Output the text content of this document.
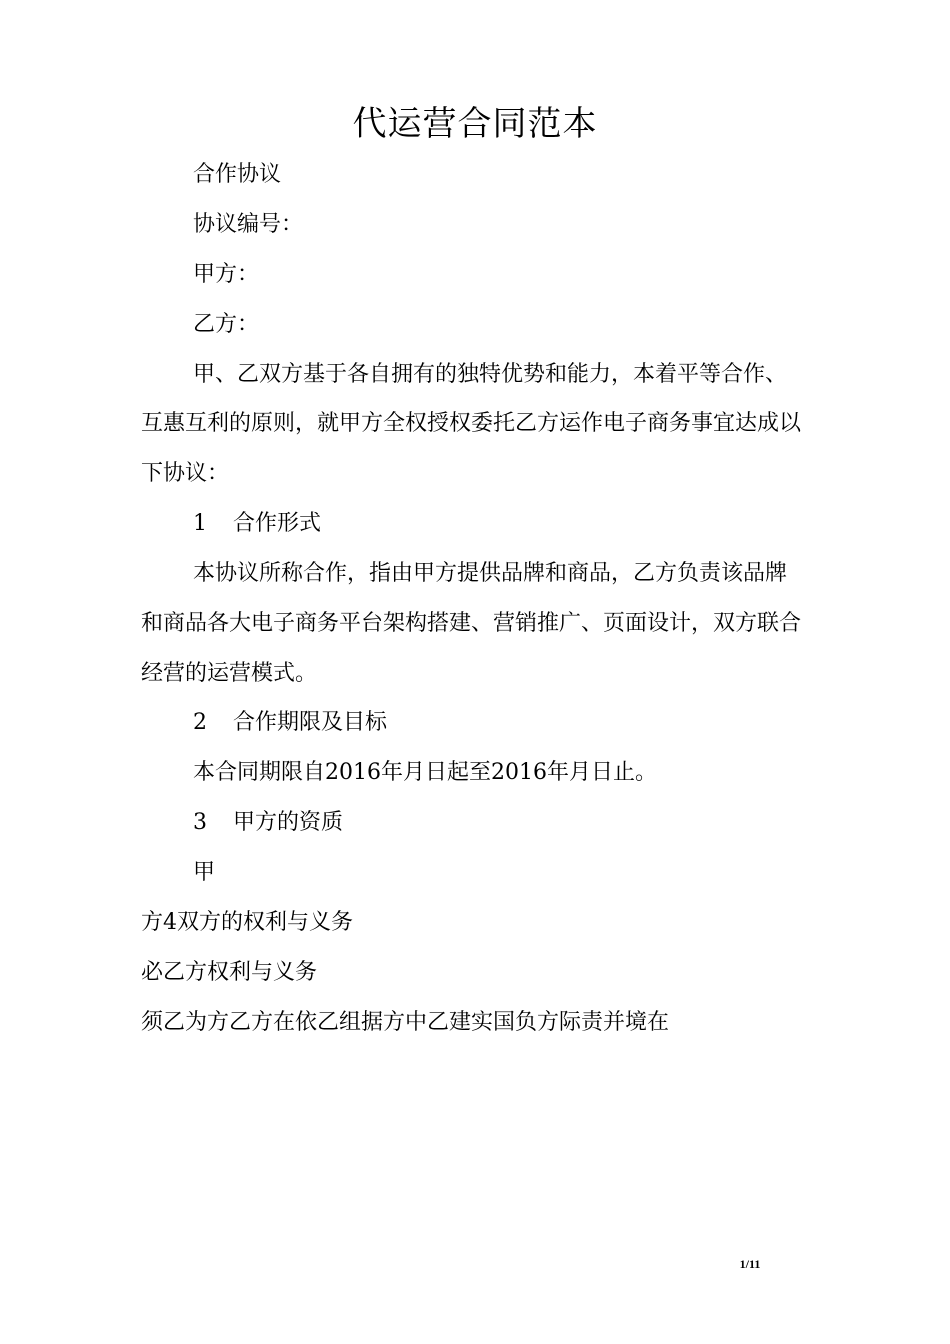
代运营合同范本
合作协议
协议编号：
甲方：
乙方：
甲、乙双方基于各自拥有的独特优势和能力，本着平等合作、
互惠互利的原则，就甲方全权授权委托乙方运作电子商务事宜达成以
下协议：
1 合作形式
本协议所称合作，指由甲方提供品牌和商品，乙方负责该品牌
和商品各大电子商务平台架构搭建、营销推广、页面设计，双方联合
经营的运营模式。
2 合作期限及目标
本合同期限自2016年月日起至2016年月日止。
3 甲方的资质
甲
方4双方的权利与义务
必乙方权利与义务
须乙为方乙方在依乙组据方中乙建实国负方际责并境在
1/11
